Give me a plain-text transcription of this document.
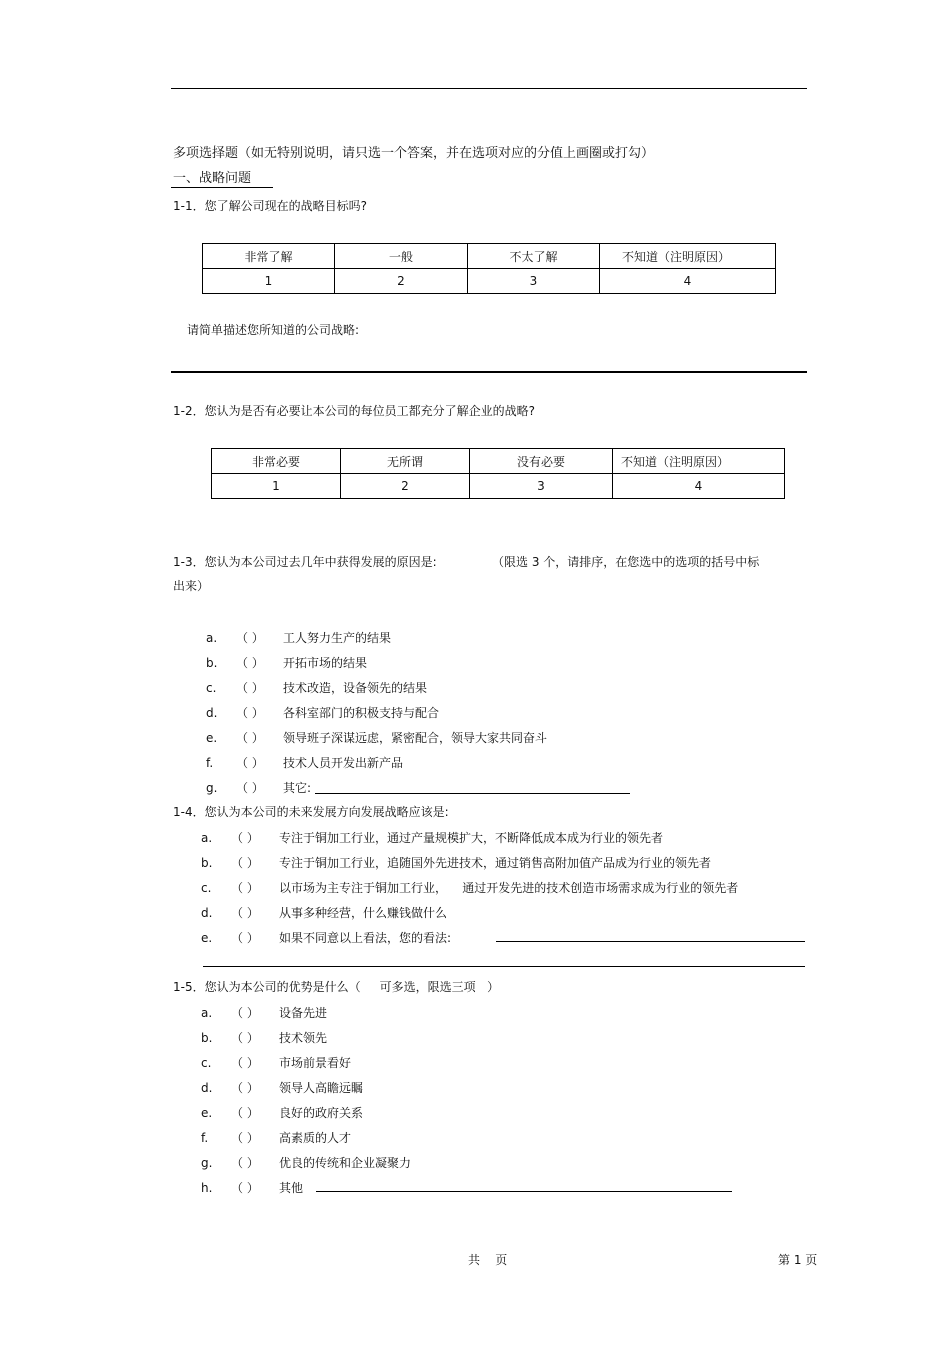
多项选择题（如无特别说明，请只选一个答案，并在选项对应的分值上画圈或打勾）
一、战略问题
1-1．您了解公司现在的战略目标吗?
非常了解	一般	不太了解	不知道（注明原因）
1	2	3	4
请简单描述您所知道的公司战略:
1-2．您认为是否有必要让本公司的每位员工都充分了解企业的战略?
非常必要	无所谓	没有必要	不知道（注明原因）
1	2	3	4
1-3．您认为本公司过去几年中获得发展的原因是:	（限选 3 个，请排序，在您选中的选项的括号中标
出来）
a. （ ） 工人努力生产的结果
b. （ ） 开拓市场的结果
c. （ ） 技术改造，设备领先的结果
d. （ ） 各科室部门的积极支持与配合
e. （ ） 领导班子深谋远虑，紧密配合，领导大家共同奋斗
f. （ ） 技术人员开发出新产品
g. （ ） 其它:
1-4．您认为本公司的未来发展方向发展战略应该是:
a. （ ） 专注于铜加工行业，通过产量规模扩大，不断降低成本成为行业的领先者
b. （ ） 专注于铜加工行业，追随国外先进技术，通过销售高附加值产品成为行业的领先者
c. （ ） 以市场为主专注于铜加工行业，    通过开发先进的技术创造市场需求成为行业的领先者
d. （ ） 从事多种经营，什么赚钱做什么
e. （ ） 如果不同意以上看法，您的看法:
1-5．您认为本公司的优势是什么（     可多选，限选三项   ）
a. （ ） 设备先进
b. （ ） 技术领先
c. （ ） 市场前景看好
d. （ ） 领导人高瞻远瞩
e. （ ） 良好的政府关系
f. （ ） 高素质的人才
g. （ ） 优良的传统和企业凝聚力
h. （ ） 其他
共    页	第 1 页
